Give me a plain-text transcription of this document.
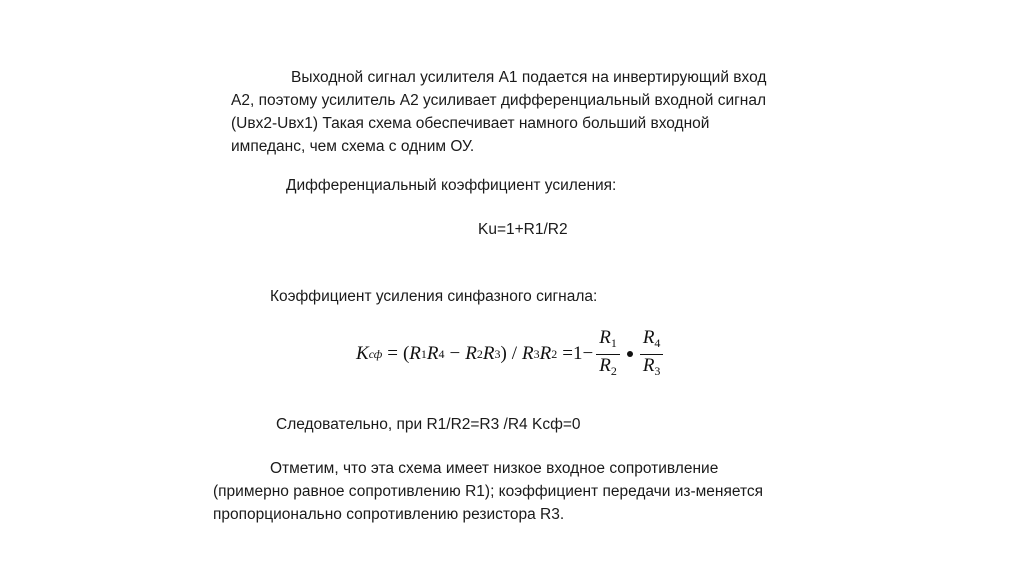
Выходной сигнал усилителя А1 подается на инвертирующий вход
А2, поэтому усилитель А2 усиливает дифференциальный входной сигнал
(Uвх2-Uвх1) Такая схема обеспечивает намного больший входной
импеданс, чем схема с одним ОУ.
Дифференциальный коэффициент усиления:
Ku=1+R1/R2
Коэффициент усиления синфазного сигнала:
K сф = ( R 1 R 4 − R 2 R 3 ) / R 3 R $2 = 1 - \frac{R_1}{R_2} \frac{R_4}{R_3}$
Следовательно, при R1/R2=R3 /R4 Kсф=0
Отметим, что эта схема имеет низкое входное сопротивление
(примерно равное сопротивлению R1); коэффициент передачи из-меняется
пропорционально сопротивлению резистора R3.
